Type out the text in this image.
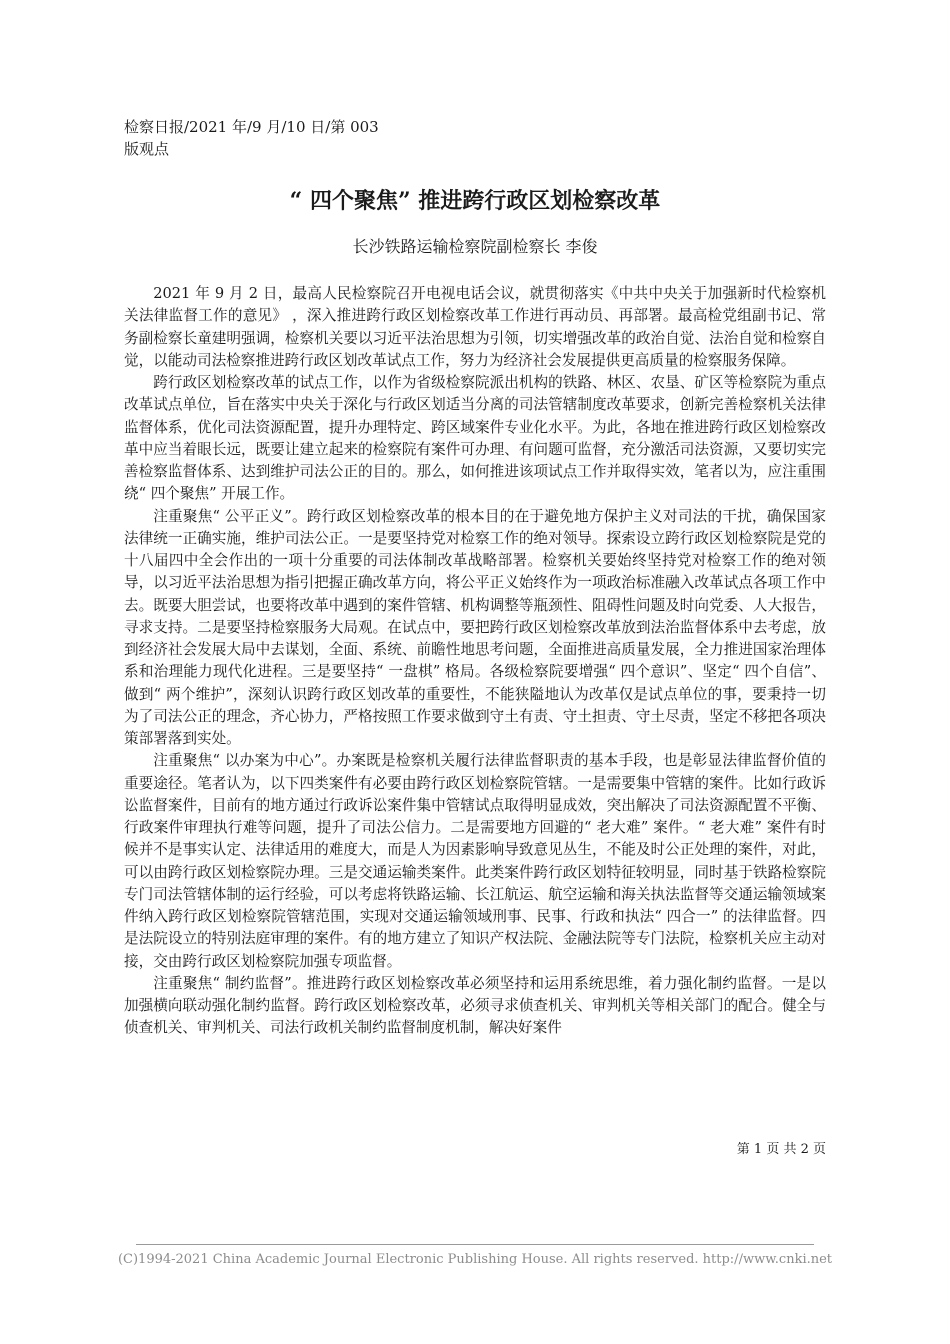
检察日报/2021 年/9 月/10 日/第 003

版观点

“ 四个聚焦” 推进跨行政区划检察改革

长沙铁路运输检察院副检察长 李俊

2021 年 9 月 2 日，最高人民检察院召开电视电话会议，就贯彻落实《中共中央关于加强新时代检察机关法律监督工作的意见》 ，深入推进跨行政区划检察改革工作进行再动员、再部署。最高检党组副书记、常务副检察长童建明强调，检察机关要以习近平法治思想为引领，切实增强改革的政治自觉、法治自觉和检察自觉，以能动司法检察推进跨行政区划改革试点工作，努力为经济社会发展提供更高质量的检察服务保障。

跨行政区划检察改革的试点工作，以作为省级检察院派出机构的铁路、林区、农垦、矿区等检察院为重点改革试点单位，旨在落实中央关于深化与行政区划适当分离的司法管辖制度改革要求，创新完善检察机关法律监督体系，优化司法资源配置，提升办理特定、跨区域案件专业化水平。为此，各地在推进跨行政区划检察改革中应当着眼长远，既要让建立起来的检察院有案件可办理、有问题可监督，充分激活司法资源，又要切实完善检察监督体系、达到维护司法公正的目的。那么，如何推进该项试点工作并取得实效，笔者以为，应注重围绕“ 四个聚焦” 开展工作。

注重聚焦“ 公平正义”。跨行政区划检察改革的根本目的在于避免地方保护主义对司法的干扰，确保国家法律统一正确实施，维护司法公正。一是要坚持党对检察工作的绝对领导。探索设立跨行政区划检察院是党的十八届四中全会作出的一项十分重要的司法体制改革战略部署。检察机关要始终坚持党对检察工作的绝对领导，以习近平法治思想为指引把握正确改革方向，将公平正义始终作为一项政治标准融入改革试点各项工作中去。既要大胆尝试，也要将改革中遇到的案件管辖、机构调整等瓶颈性、阻碍性问题及时向党委、人大报告，寻求支持。二是要坚持检察服务大局观。在试点中，要把跨行政区划检察改革放到法治监督体系中去考虑，放到经济社会发展大局中去谋划，全面、系统、前瞻性地思考问题，全面推进高质量发展，全力推进国家治理体系和治理能力现代化进程。三是要坚持“ 一盘棋” 格局。各级检察院要增强“ 四个意识”、坚定“ 四个自信”、做到“ 两个维护”，深刻认识跨行政区划改革的重要性，不能狭隘地认为改革仅是试点单位的事，要秉持一切为了司法公正的理念，齐心协力，严格按照工作要求做到守土有责、守土担责、守土尽责，坚定不移把各项决策部署落到实处。

注重聚焦“ 以办案为中心”。办案既是检察机关履行法律监督职责的基本手段，也是彰显法律监督价值的重要途径。笔者认为，以下四类案件有必要由跨行政区划检察院管辖。一是需要集中管辖的案件。比如行政诉讼监督案件，目前有的地方通过行政诉讼案件集中管辖试点取得明显成效，突出解决了司法资源配置不平衡、行政案件审理执行难等问题，提升了司法公信力。二是需要地方回避的“ 老大难” 案件。“ 老大难” 案件有时候并不是事实认定、法律适用的难度大，而是人为因素影响导致意见丛生，不能及时公正处理的案件，对此，可以由跨行政区划检察院办理。三是交通运输类案件。此类案件跨行政区划特征较明显，同时基于铁路检察院专门司法管辖体制的运行经验，可以考虑将铁路运输、长江航运、航空运输和海关执法监督等交通运输领域案件纳入跨行政区划检察院管辖范围，实现对交通运输领域刑事、民事、行政和执法“ 四合一” 的法律监督。四是法院设立的特别法庭审理的案件。有的地方建立了知识产权法院、金融法院等专门法院，检察机关应主动对接，交由跨行政区划检察院加强专项监督。

注重聚焦“ 制约监督”。推进跨行政区划检察改革必须坚持和运用系统思维，着力强化制约监督。一是以加强横向联动强化制约监督。跨行政区划检察改革，必须寻求侦查机关、审判机关等相关部门的配合。健全与侦查机关、审判机关、司法行政机关制约监督制度机制，解决好案件

第 1 页 共 2 页
(C)1994-2021 China Academic Journal Electronic Publishing House. All rights reserved. http://www.cnki.net
